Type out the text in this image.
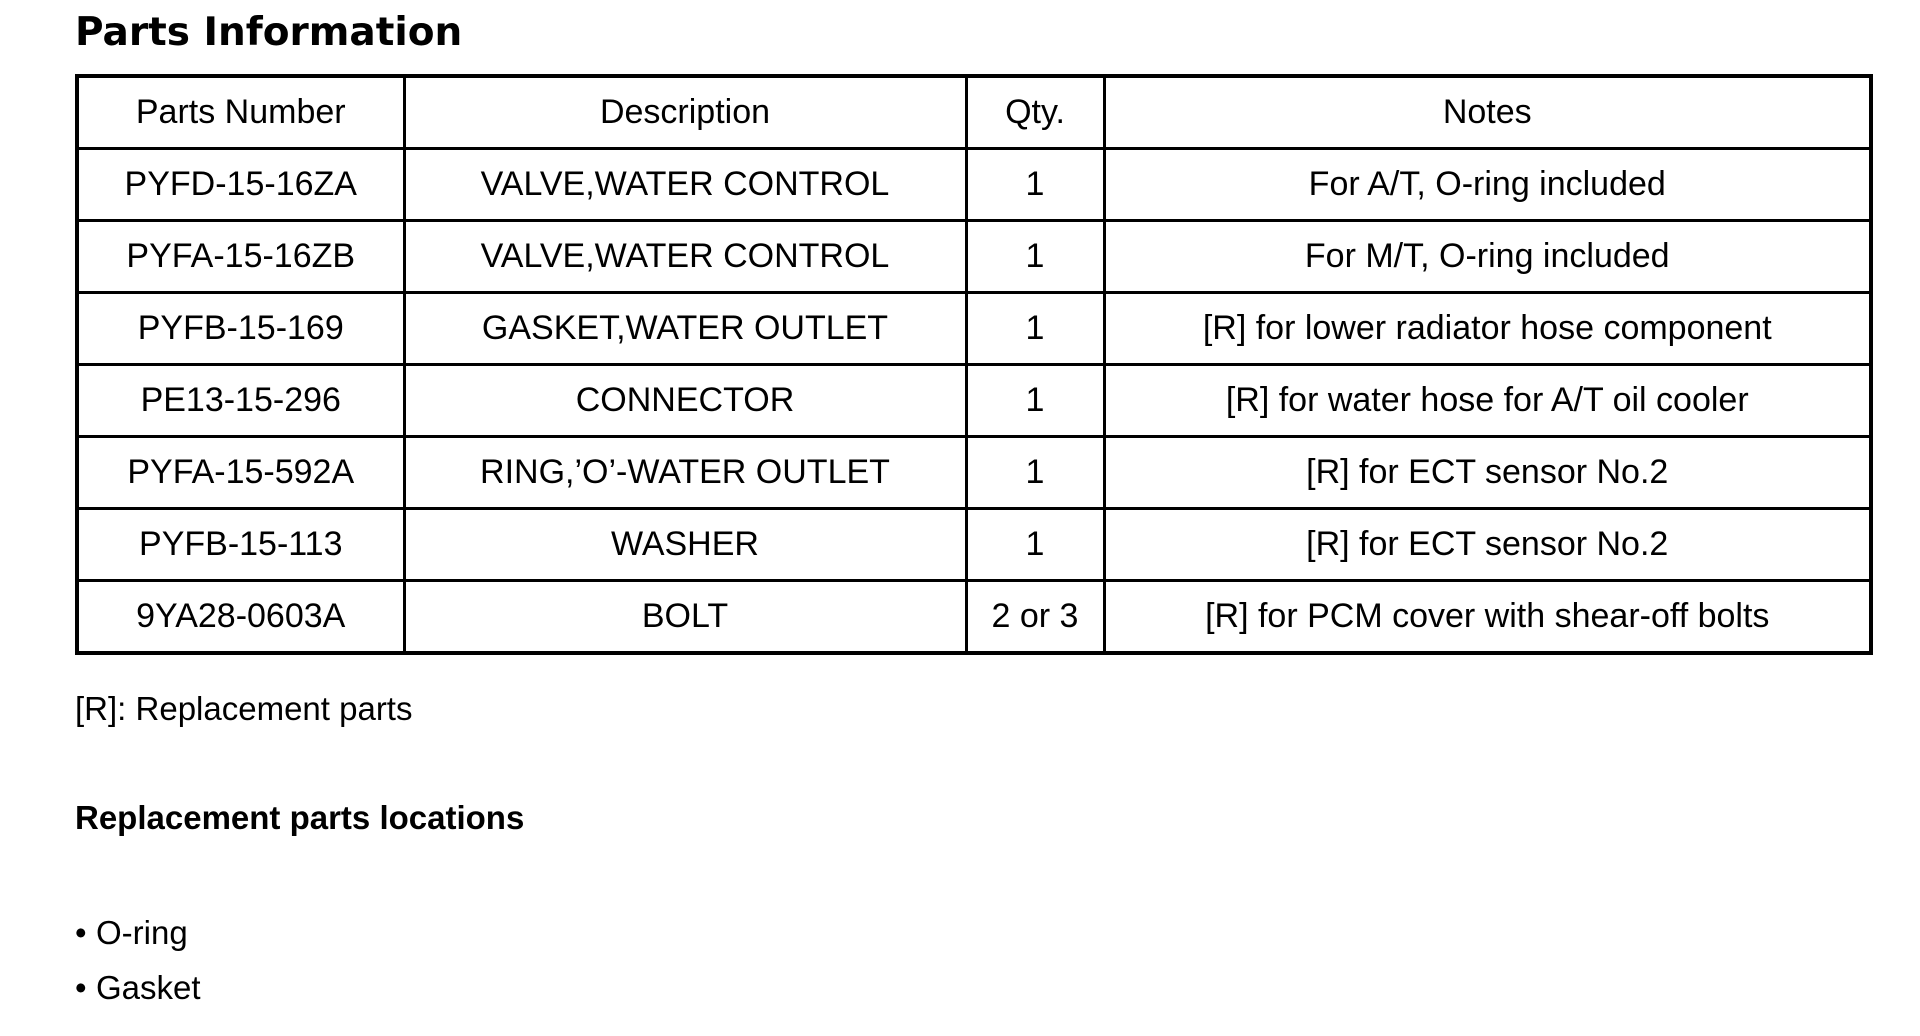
Parts Information
Parts Number	Description	Qty.	Notes
PYFD-15-16ZA	VALVE,WATER CONTROL	1	For A/T, O-ring included
PYFA-15-16ZB	VALVE,WATER CONTROL	1	For M/T, O-ring included
PYFB-15-169	GASKET,WATER OUTLET	1	[R] for lower radiator hose component
PE13-15-296	CONNECTOR	1	[R] for water hose for A/T oil cooler
PYFA-15-592A	RING,’O’-WATER OUTLET	1	[R] for ECT sensor No.2
PYFB-15-113	WASHER	1	[R] for ECT sensor No.2
9YA28-0603A	BOLT	2 or 3	[R] for PCM cover with shear-off bolts

[R]: Replacement parts

Replacement parts locations
• O-ring
• Gasket
